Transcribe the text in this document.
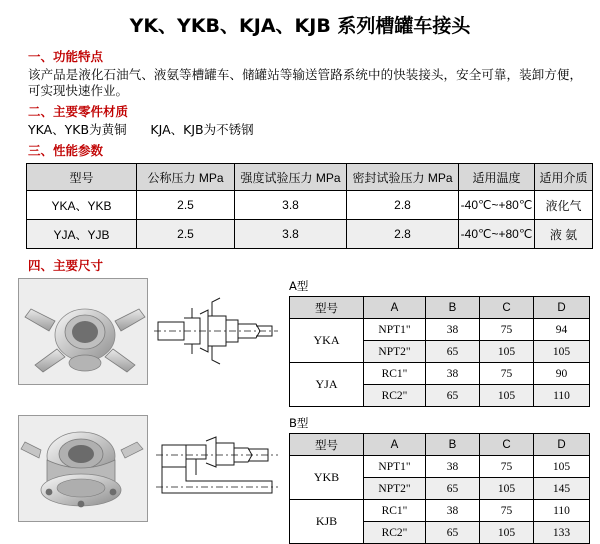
YK、YKB、KJA、KJB 系列槽罐车接头
一、功能特点
该产品是液化石油气、液氨等槽罐车、储罐站等输送管路系统中的快装接头，安全可靠，装卸方便，可实现快速作业。
二、主要零件材质
YKA、YKB为黄铜      KJA、KJB为不锈钢
三、性能参数
型号	公称压力 MPa	强度试验压力 MPa	密封试验压力 MPa	适用温度	适用介质
YKA、YKB	2.5	3.8	2.8	-40℃~+80℃	液化气
YJA、YJB	2.5	3.8	2.8	-40℃~+80℃	液 氨
四、主要尺寸
A型
型号	A	B	C	D
YKA	NPT1"	38	75	94
	NPT2"	65	105	105
YJA	RC1"	38	75	90
	RC2"	65	105	110
B型
型号	A	B	C	D
YKB	NPT1"	38	75	105
	NPT2"	65	105	145
KJB	RC1"	38	75	110
	RC2"	65	105	133
